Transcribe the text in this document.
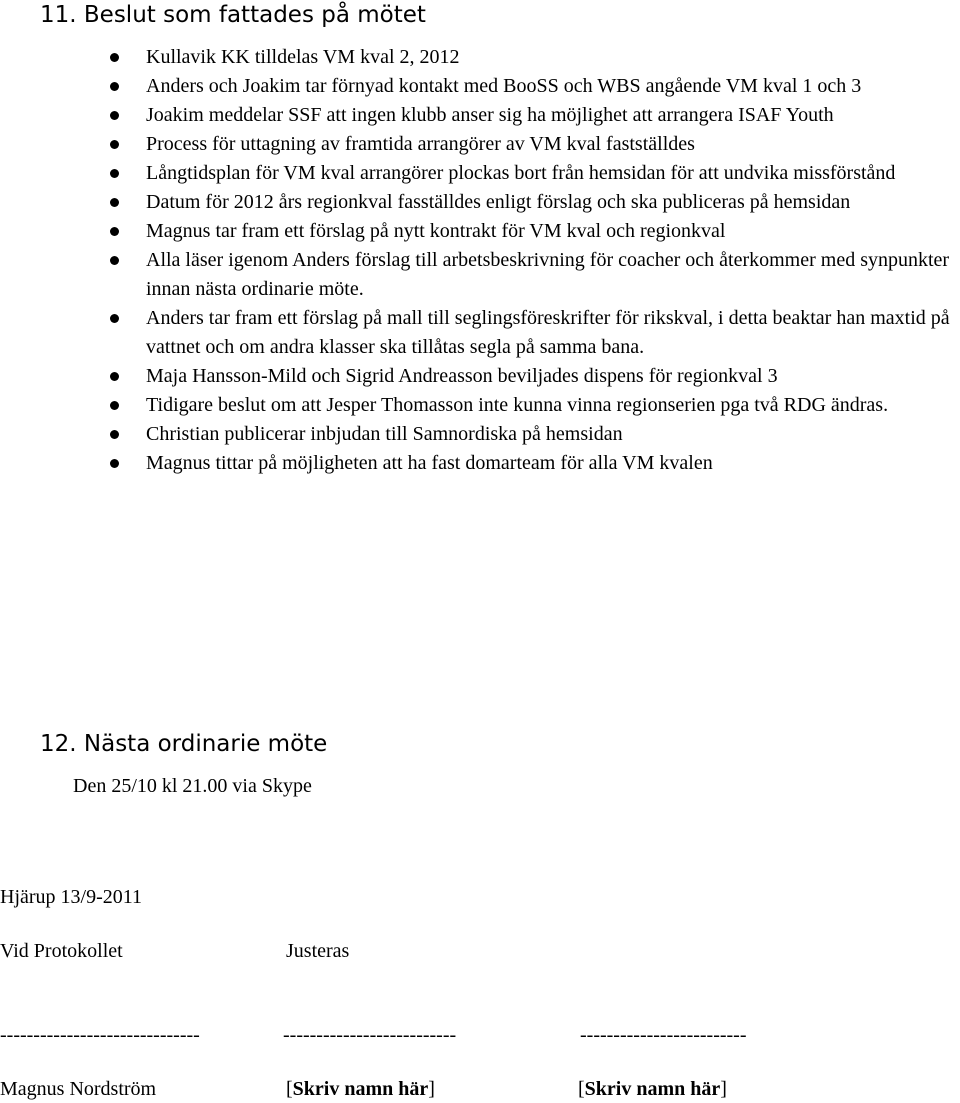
11. Beslut som fattades på mötet
Kullavik KK tilldelas VM kval 2, 2012
Anders och Joakim tar förnyad kontakt med BooSS och WBS angående VM kval 1 och 3
Joakim meddelar SSF att ingen klubb anser sig ha möjlighet att arrangera ISAF Youth
Process för uttagning av framtida arrangörer av VM kval fastställdes
Långtidsplan för VM kval arrangörer plockas bort från hemsidan för att undvika missförstånd
Datum för 2012 års regionkval fasställdes enligt förslag och ska publiceras på hemsidan
Magnus tar fram ett förslag på nytt kontrakt för VM kval och regionkval
Alla läser igenom Anders förslag till arbetsbeskrivning för coacher och återkommer med synpunkter innan nästa ordinarie möte.
Anders tar fram ett förslag på mall till seglingsföreskrifter för rikskval, i detta beaktar han maxtid på vattnet och om andra klasser ska tillåtas segla på samma bana.
Maja Hansson-Mild och Sigrid Andreasson beviljades dispens för regionkval 3
Tidigare beslut om att Jesper Thomasson inte kunna vinna regionserien pga två RDG ändras.
Christian publicerar inbjudan till Samnordiska på hemsidan
Magnus tittar på möjligheten att ha fast domarteam för alla VM kvalen
12. Nästa ordinarie möte
Den 25/10 kl 21.00 via Skype
Hjärup 13/9-2011
Vid Protokollet	Justeras
------------------------------	--------------------------	-------------------------
Magnus Nordström	[Skriv namn här]	[Skriv namn här]
